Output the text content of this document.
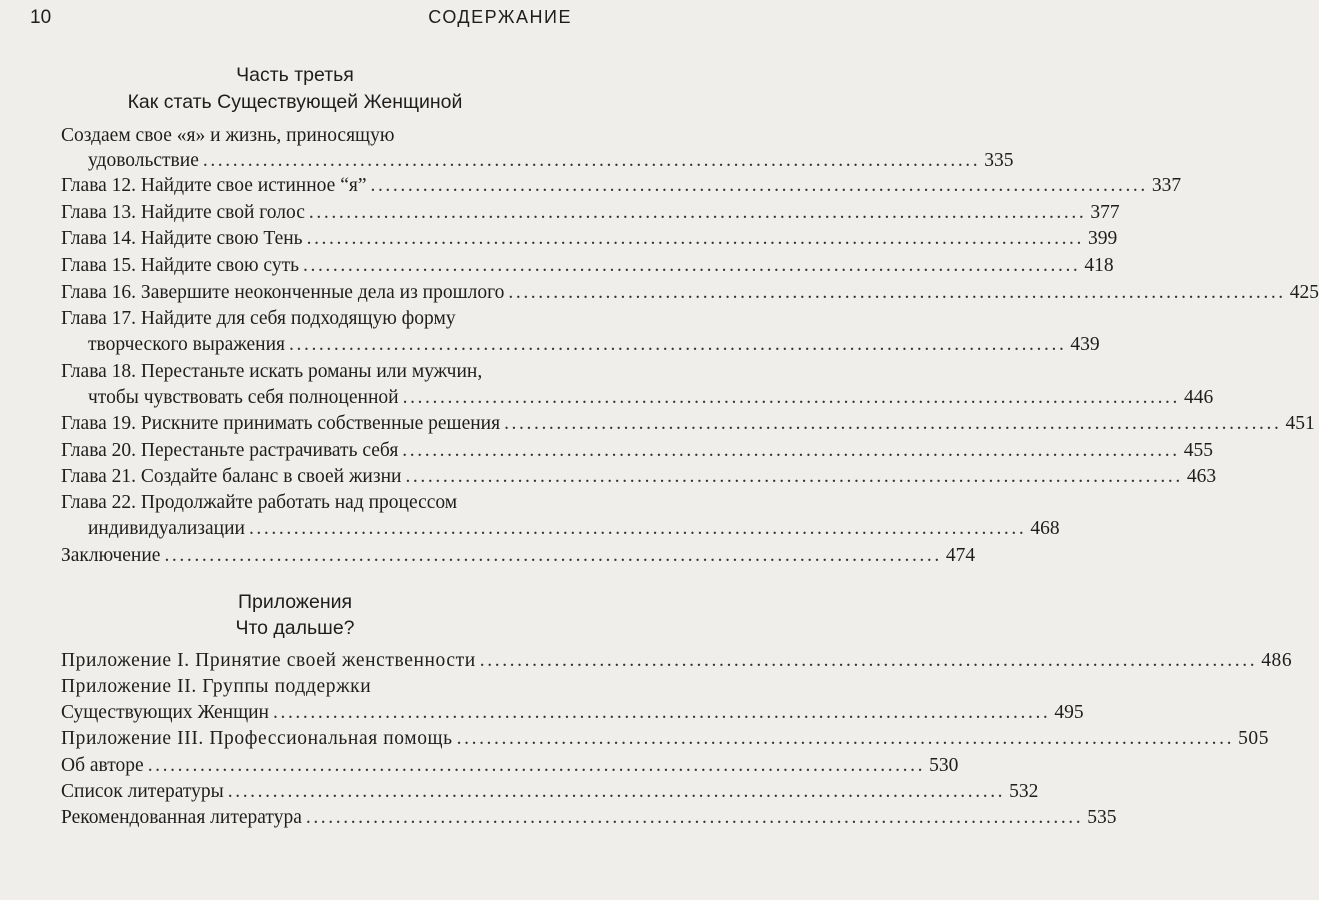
10	СОДЕРЖАНИЕ
Часть третья
Как стать Существующей Женщиной
Создаем свое «я» и жизнь, приносящую
удовольствие ........................................................................................................ 335
Глава 12. Найдите свое истинное “я” ........................................................................................................ 337
Глава 13. Найдите свой голос ........................................................................................................ 377
Глава 14. Найдите свою Тень ........................................................................................................ 399
Глава 15. Найдите свою суть ........................................................................................................ 418
Глава 16. Завершите неоконченные дела из прошлого ........................................................................................................ 425
Глава 17. Найдите для себя подходящую форму
творческого выражения ........................................................................................................ 439
Глава 18. Перестаньте искать романы или мужчин,
чтобы чувствовать себя полноценной ........................................................................................................ 446
Глава 19. Рискните принимать собственные решения ........................................................................................................ 451
Глава 20. Перестаньте растрачивать себя ........................................................................................................ 455
Глава 21. Создайте баланс в своей жизни ........................................................................................................ 463
Глава 22. Продолжайте работать над процессом
индивидуализации ........................................................................................................ 468
Заключение ........................................................................................................ 474
Приложения
Что дальше?
Приложение I. Принятие своей женственности ........................................................................................................ 486
Приложение II. Группы поддержки
Существующих Женщин ........................................................................................................ 495
Приложение III. Профессиональная помощь ........................................................................................................ 505
Об авторе ........................................................................................................ 530
Список литературы ........................................................................................................ 532
Рекомендованная литература ........................................................................................................ 535
